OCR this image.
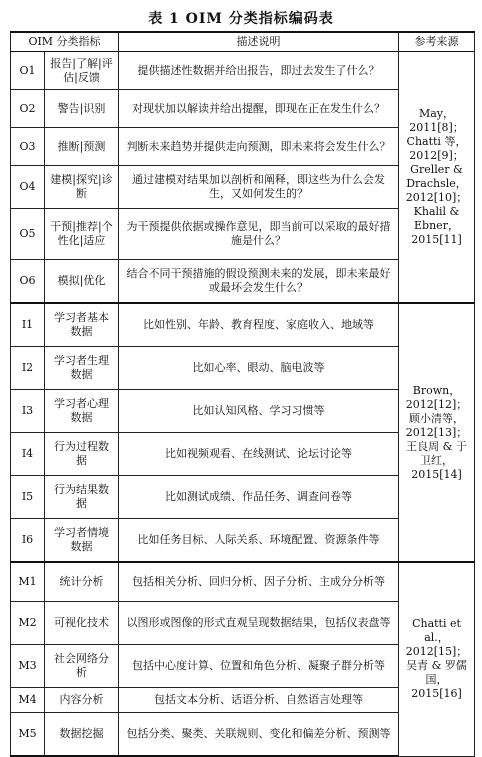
表 1 OIM 分类指标编码表
OIM 分类指标		描述说明	参考来源
O1	报告|了解|评估|反馈	提供描述性数据并给出报告，即过去发生了什么？	May，2011[8]；Chatti 等，2012[9]；Greller & Drachsle，2012[10]；Khalil & Ebner，2015[11]
O2	警告|识别	对现状加以解读并给出提醒，即现在正在发生什么？	
O3	推断|预测	判断未来趋势并提供走向预测，即未来将会发生什么？	
O4	建模|探究|诊断	通过建模对结果加以剖析和阐释，即这些为什么会发生，又如何发生的？	
O5	干预|推荐|个性化|适应	为干预提供依据或操作意见，即当前可以采取的最好措施是什么？	
O6	模拟|优化	结合不同干预措施的假设预测未来的发展，即未来最好或最坏会发生什么？	
I1	学习者基本数据	比如性别、年龄、教育程度、家庭收入、地域等	Brown，2012[12]；顾小清等，2012[13]；王良周 & 于卫红，2015[14]
I2	学习者生理数据	比如心率、眼动、脑电波等	
I3	学习者心理数据	比如认知风格、学习习惯等	
I4	行为过程数据	比如视频观看、在线测试、论坛讨论等	
I5	行为结果数据	比如测试成绩、作品任务、调查问卷等	
I6	学习者情境数据	比如任务目标、人际关系、环境配置、资源条件等	
M1	统计分析	包括相关分析、回归分析、因子分析、主成分分析等	Chatti et al.，2012[15]；吴青 & 罗儒国，2015[16]
M2	可视化技术	以图形或图像的形式直观呈现数据结果，包括仪表盘等	
M3	社会网络分析	包括中心度计算、位置和角色分析、凝聚子群分析等	
M4	内容分析	包括文本分析、话语分析、自然语言处理等	
M5	数据挖掘	包括分类、聚类、关联规则、变化和偏差分析、预测等	
